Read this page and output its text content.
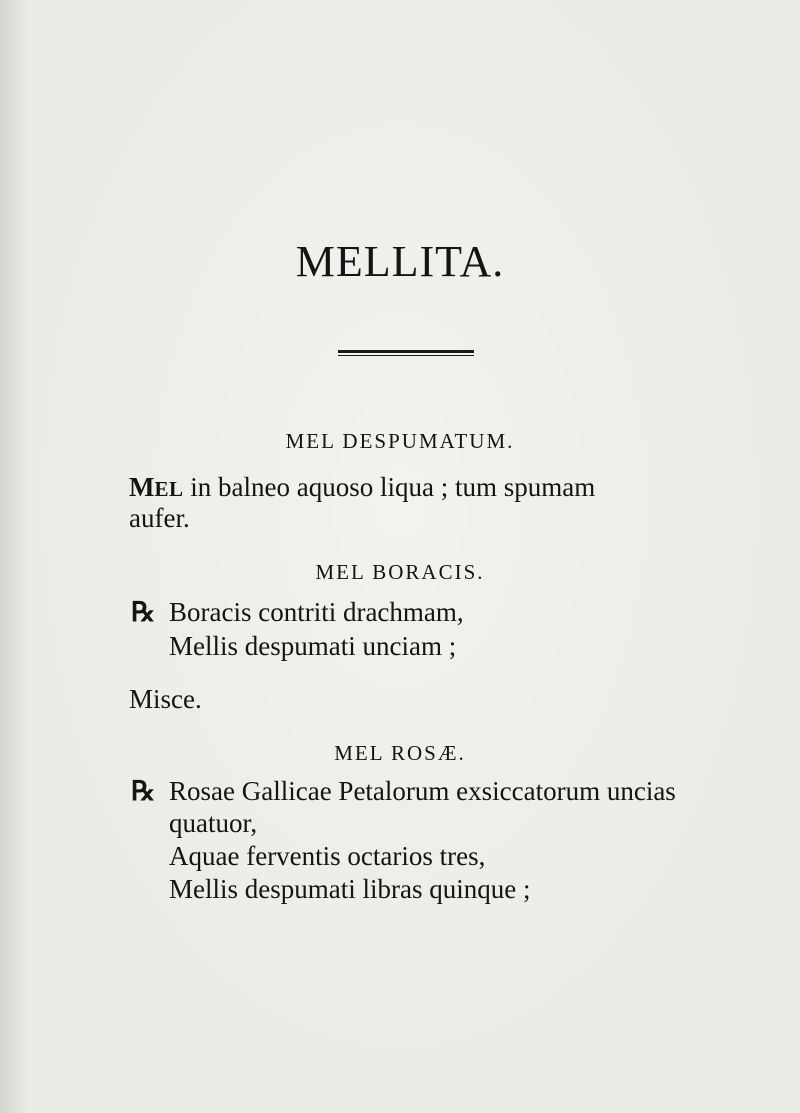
MELLITA.

MEL DESPUMATUM.

MEL in balneo aquoso liqua ; tum spumam

aufer.

MEL BORACIS.

℞ Boracis contriti drachmam,

Mellis despumati unciam ;

Misce.

MEL ROSÆ.

℞ Rosae Gallicae Petalorum exsiccatorum uncias

quatuor,

Aquae ferventis octarios tres,

Mellis despumati libras quinque ;
